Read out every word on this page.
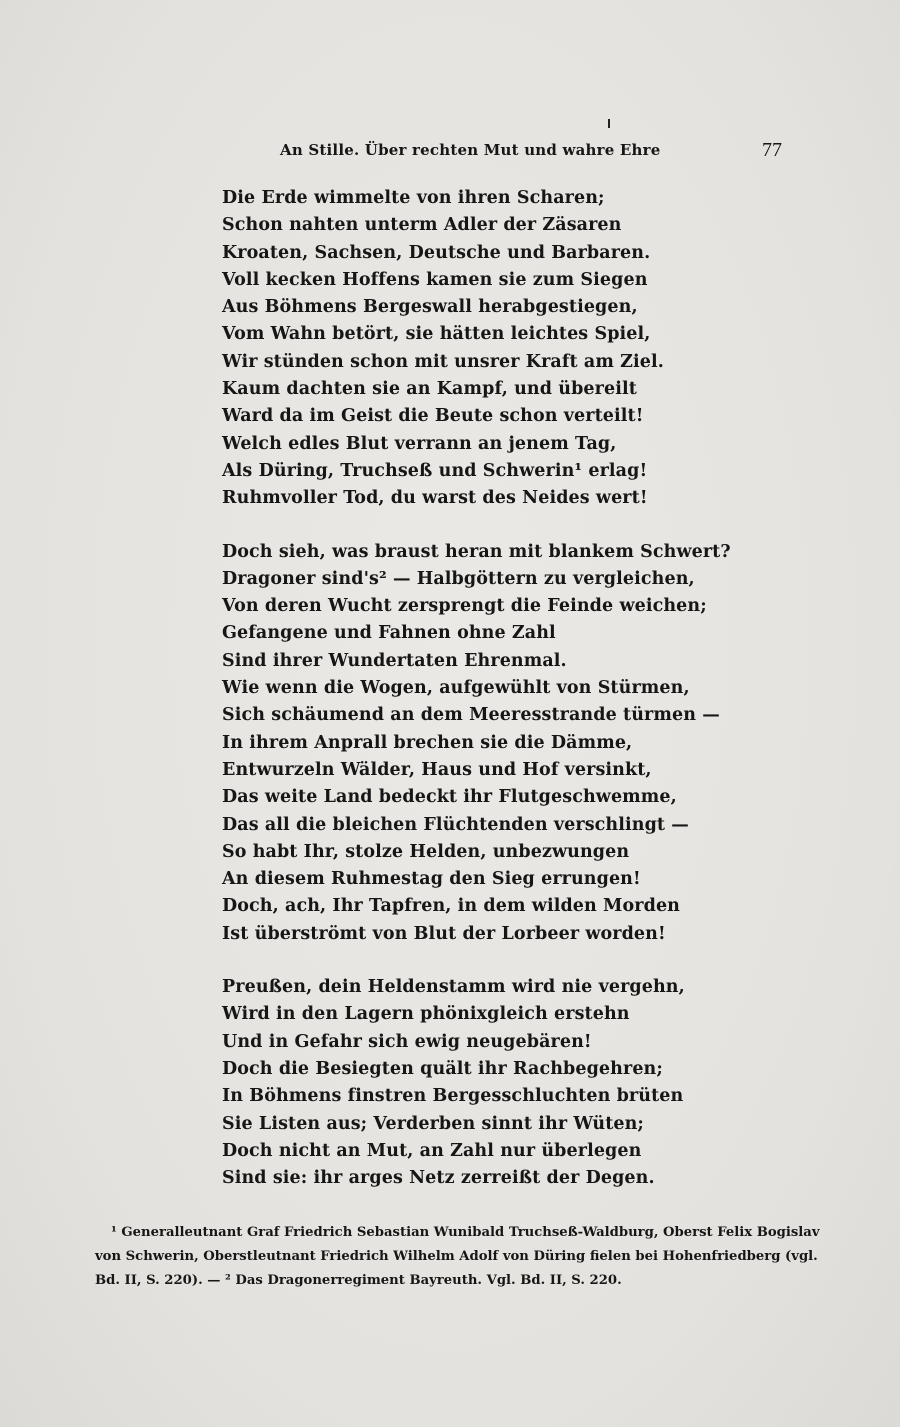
An Stille. Über rechten Mut und wahre Ehre	77
Die Erde wimmelte von ihren Scharen;
Schon nahten unterm Adler der Zäsaren
Kroaten, Sachsen, Deutsche und Barbaren.
Voll kecken Hoffens kamen sie zum Siegen
Aus Böhmens Bergeswall herabgestiegen,
Vom Wahn betört, sie hätten leichtes Spiel,
Wir stünden schon mit unsrer Kraft am Ziel.
Kaum dachten sie an Kampf, und übereilt
Ward da im Geist die Beute schon verteilt!
Welch edles Blut verrann an jenem Tag,
Als Düring, Truchseß und Schwerin¹ erlag!
Ruhmvoller Tod, du warst des Neides wert!
Doch sieh, was braust heran mit blankem Schwert?
Dragoner sind's² — Halbgöttern zu vergleichen,
Von deren Wucht zersprengt die Feinde weichen;
Gefangene und Fahnen ohne Zahl
Sind ihrer Wundertaten Ehrenmal.
Wie wenn die Wogen, aufgewühlt von Stürmen,
Sich schäumend an dem Meeresstrande türmen —
In ihrem Anprall brechen sie die Dämme,
Entwurzeln Wälder, Haus und Hof versinkt,
Das weite Land bedeckt ihr Flutgeschwemme,
Das all die bleichen Flüchtenden verschlingt —
So habt Ihr, stolze Helden, unbezwungen
An diesem Ruhmestag den Sieg errungen!
Doch, ach, Ihr Tapfren, in dem wilden Morden
Ist überströmt von Blut der Lorbeer worden!
Preußen, dein Heldenstamm wird nie vergehn,
Wird in den Lagern phönixgleich erstehn
Und in Gefahr sich ewig neugebären!
Doch die Besiegten quält ihr Rachbegehren;
In Böhmens finstren Bergesschluchten brüten
Sie Listen aus; Verderben sinnt ihr Wüten;
Doch nicht an Mut, an Zahl nur überlegen
Sind sie: ihr arges Netz zerreißt der Degen.
¹ Generalleutnant Graf Friedrich Sebastian Wunibald Truchseß-Waldburg, Oberst Felix Bogislav
von Schwerin, Oberstleutnant Friedrich Wilhelm Adolf von Düring fielen bei Hohenfriedberg (vgl.
Bd. II, S. 220). — ² Das Dragonerregiment Bayreuth. Vgl. Bd. II, S. 220.
